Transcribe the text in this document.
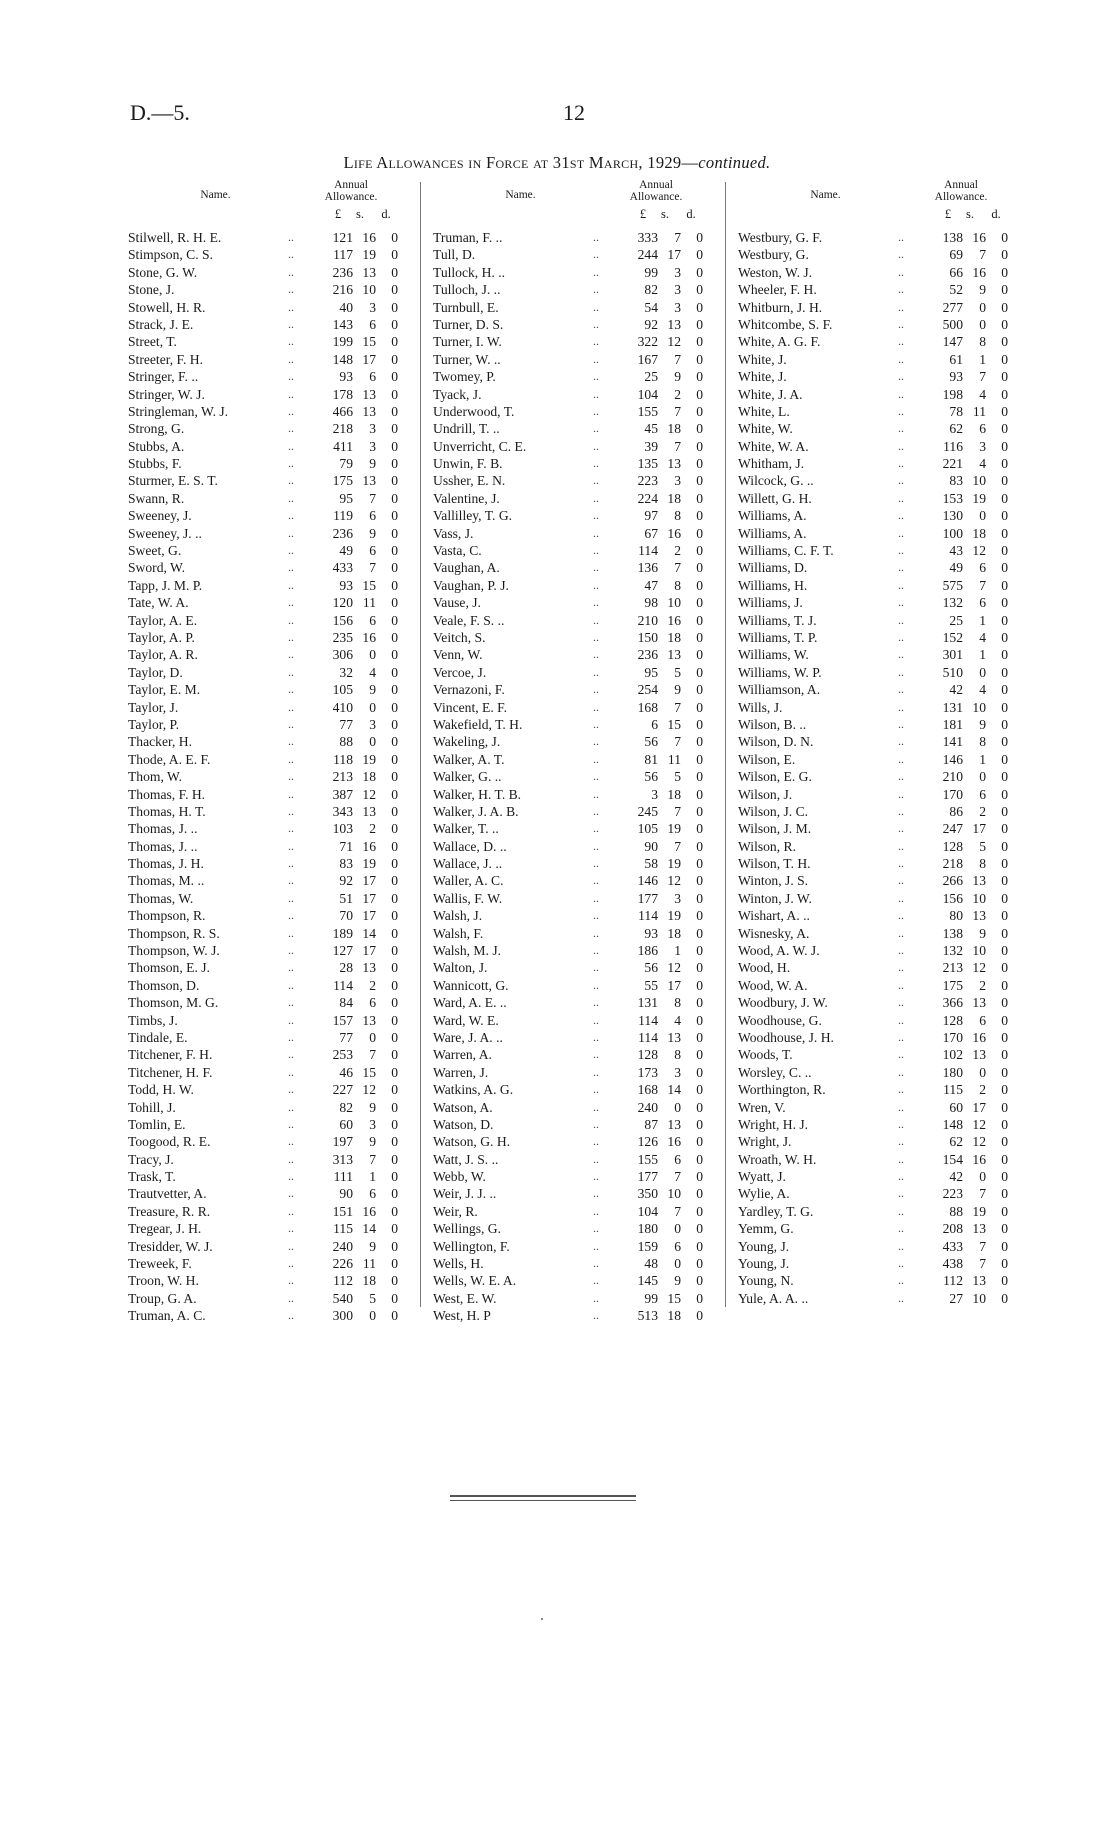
D.—5.	12
Life Allowances in Force at 31st March, 1929—continued.
Name.
Annual
Allowance.
£	s.	d.
Stilwell, R. H. E.	..	121 16	0
Stimpson, C. S.	..	117 19	0
Stone, G. W.	..	236 13	0
Stone, J.	..	216 10	0
Stowell, H. R.	..	40	3	0
Strack, J. E.	..	143	6	0
Street, T.	..	199 15	0
Streeter, F. H.	..	148 17	0
Stringer, F. ..	..	93	6	0
Stringer, W. J.	..	178 13	0
Stringleman, W. J.	..	466 13	0
Strong, G.	..	218	3	0
Stubbs, A.	..	411	3	0
Stubbs, F.	..	79	9	0
Sturmer, E. S. T.	..	175 13	0
Swann, R.	..	95	7	0
Sweeney, J.	..	119	6	0
Sweeney, J. ..	..	236	9	0
Sweet, G.	..	49	6	0
Sword, W.	..	433	7	0
Tapp, J. M. P.	..	93 15	0
Tate, W. A.	..	120 11	0
Taylor, A. E.	..	156	6	0
Taylor, A. P.	..	235 16	0
Taylor, A. R.	..	306	0	0
Taylor, D.	..	32	4	0
Taylor, E. M.	..	105	9	0
Taylor, J.	..	410	0	0
Taylor, P.	..	77	3	0
Thacker, H.	..	88	0	0
Thode, A. E. F.	..	118 19	0
Thom, W.	..	213 18	0
Thomas, F. H.	..	387 12	0
Thomas, H. T.	..	343 13	0
Thomas, J. ..	..	103	2	0
Thomas, J. ..	..	71 16	0
Thomas, J. H.	..	83 19	0
Thomas, M. ..	..	92 17	0
Thomas, W.	..	51 17	0
Thompson, R.	..	70 17	0
Thompson, R. S.	..	189 14	0
Thompson, W. J.	..	127 17	0
Thomson, E. J.	..	28 13	0
Thomson, D.	..	114	2	0
Thomson, M. G.	..	84	6	0
Timbs, J.	..	157 13	0
Tindale, E.	..	77	0	0
Titchener, F. H.	..	253	7	0
Titchener, H. F.	..	46 15	0
Todd, H. W.	..	227 12	0
Tohill, J.	..	82	9	0
Tomlin, E.	..	60	3	0
Toogood, R. E.	..	197	9	0
Tracy, J.	..	313	7	0
Trask, T.	..	111	1	0
Trautvetter, A.	..	90	6	0
Treasure, R. R.	..	151 16	0
Tregear, J. H.	..	115 14	0
Tresidder, W. J.	..	240	9	0
Treweek, F.	..	226 11	0
Troon, W. H.	..	112 18	0
Troup, G. A.	..	540	5	0
Truman, A. C.	..	300	0	0
Name.
Annual
Allowance.
£	s.	d.
Truman, F. ..	..	333	7	0
Tull, D.	..	244 17	0
Tullock, H. ..	..	99	3	0
Tulloch, J. ..	..	82	3	0
Turnbull, E.	..	54	3	0
Turner, D. S.	..	92 13	0
Turner, I. W.	..	322 12	0
Turner, W. ..	..	167	7	0
Twomey, P.	..	25	9	0
Tyack, J.	..	104	2	0
Underwood, T.	..	155	7	0
Undrill, T. ..	..	45 18	0
Unverricht, C. E.	..	39	7	0
Unwin, F. B.	..	135 13	0
Ussher, E. N.	..	223	3	0
Valentine, J.	..	224 18	0
Vallilley, T. G.	..	97	8	0
Vass, J.	..	67 16	0
Vasta, C.	..	114	2	0
Vaughan, A.	..	136	7	0
Vaughan, P. J.	..	47	8	0
Vause, J.	..	98 10	0
Veale, F. S. ..	..	210 16	0
Veitch, S.	..	150 18	0
Venn, W.	..	236 13	0
Vercoe, J.	..	95	5	0
Vernazoni, F.	..	254	9	0
Vincent, E. F.	..	168	7	0
Wakefield, T. H.	..	6 15	0
Wakeling, J.	..	56	7	0
Walker, A. T.	..	81 11	0
Walker, G. ..	..	56	5	0
Walker, H. T. B.	..	3 18	0
Walker, J. A. B.	..	245	7	0
Walker, T. ..	..	105 19	0
Wallace, D. ..	..	90	7	0
Wallace, J. ..	..	58 19	0
Waller, A. C.	..	146 12	0
Wallis, F. W.	..	177	3	0
Walsh, J.	..	114 19	0
Walsh, F.	..	93 18	0
Walsh, M. J.	..	186	1	0
Walton, J.	..	56 12	0
Wannicott, G.	..	55 17	0
Ward, A. E. ..	..	131	8	0
Ward, W. E.	..	114	4	0
Ware, J. A. ..	..	114 13	0
Warren, A.	..	128	8	0
Warren, J.	..	173	3	0
Watkins, A. G.	..	168 14	0
Watson, A.	..	240	0	0
Watson, D.	..	87 13	0
Watson, G. H.	..	126 16	0
Watt, J. S. ..	..	155	6	0
Webb, W.	..	177	7	0
Weir, J. J. ..	..	350 10	0
Weir, R.	..	104	7	0
Wellings, G.	..	180	0	0
Wellington, F.	..	159	6	0
Wells, H.	..	48	0	0
Wells, W. E. A.	..	145	9	0
West, E. W.	..	99 15	0
West, H. P	..	513 18	0
Name.
Annual
Allowance.
£	s.	d.
Westbury, G. F.	..	138 16	0
Westbury, G.	..	69	7	0
Weston, W. J.	..	66 16	0
Wheeler, F. H.	..	52	9	0
Whitburn, J. H.	..	277	0	0
Whitcombe, S. F.	..	500	0	0
White, A. G. F.	..	147	8	0
White, J.	..	61	1	0
White, J.	..	93	7	0
White, J. A.	..	198	4	0
White, L.	..	78 11	0
White, W.	..	62	6	0
White, W. A.	..	116	3	0
Whitham, J.	..	221	4	0
Wilcock, G. ..	..	83 10	0
Willett, G. H.	..	153 19	0
Williams, A.	..	130	0	0
Williams, A.	..	100 18	0
Williams, C. F. T.	..	43 12	0
Williams, D.	..	49	6	0
Williams, H.	..	575	7	0
Williams, J.	..	132	6	0
Williams, T. J.	..	25	1	0
Williams, T. P.	..	152	4	0
Williams, W.	..	301	1	0
Williams, W. P.	..	510	0	0
Williamson, A.	..	42	4	0
Wills, J.	..	131 10	0
Wilson, B. ..	..	181	9	0
Wilson, D. N.	..	141	8	0
Wilson, E.	..	146	1	0
Wilson, E. G.	..	210	0	0
Wilson, J.	..	170	6	0
Wilson, J. C.	..	86	2	0
Wilson, J. M.	..	247 17	0
Wilson, R.	..	128	5	0
Wilson, T. H.	..	218	8	0
Winton, J. S.	..	266 13	0
Winton, J. W.	..	156 10	0
Wishart, A. ..	..	80 13	0
Wisnesky, A.	..	138	9	0
Wood, A. W. J.	..	132 10	0
Wood, H.	..	213 12	0
Wood, W. A.	..	175	2	0
Woodbury, J. W.	..	366 13	0
Woodhouse, G.	..	128	6	0
Woodhouse, J. H.	..	170 16	0
Woods, T.	..	102 13	0
Worsley, C. ..	..	180	0	0
Worthington, R.	..	115	2	0
Wren, V.	..	60 17	0
Wright, H. J.	..	148 12	0
Wright, J.	..	62 12	0
Wroath, W. H.	..	154 16	0
Wyatt, J.	..	42	0	0
Wylie, A.	..	223	7	0
Yardley, T. G.	..	88 19	0
Yemm, G.	..	208 13	0
Young, J.	..	433	7	0
Young, J.	..	438	7	0
Young, N.	..	112 13	0
Yule, A. A. ..	..	27 10	0
